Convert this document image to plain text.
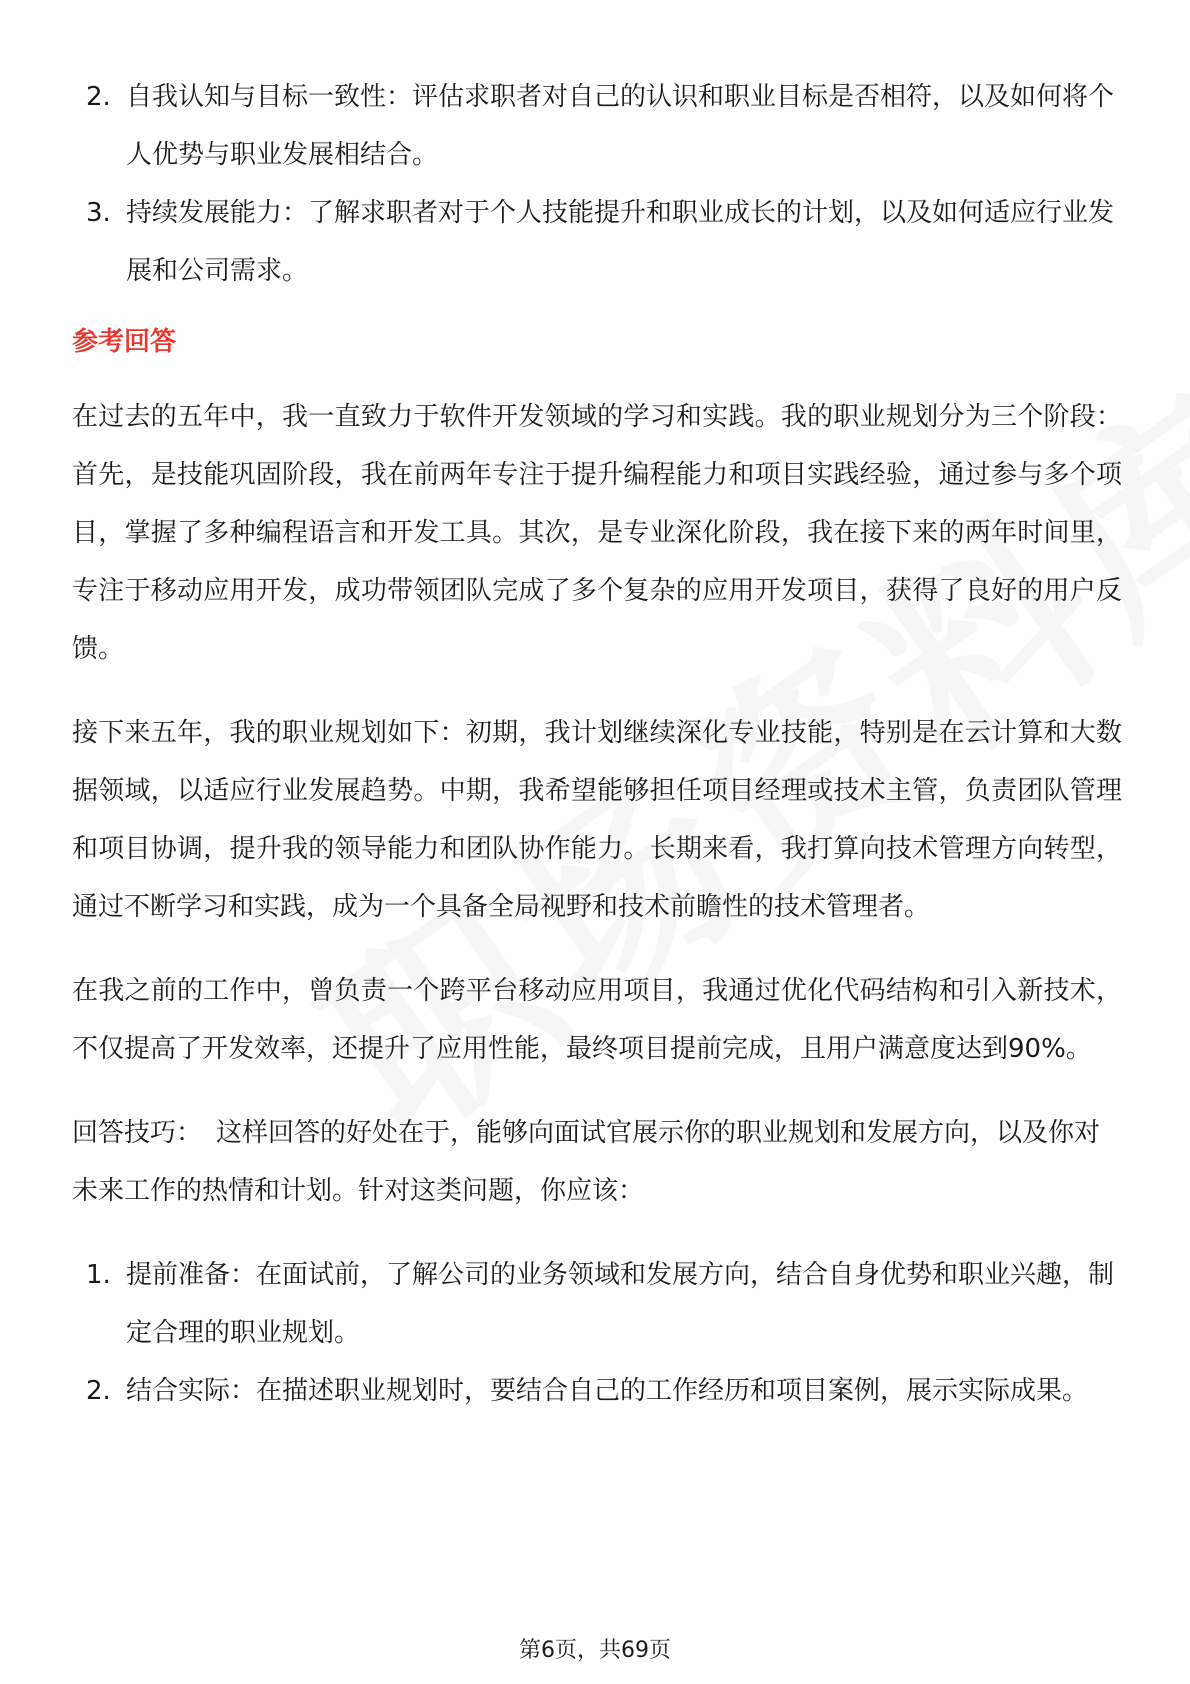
2. 自我认知与目标一致性：评估求职者对自己的认识和职业目标是否相符，以及如何将个人优势与职业发展相结合。
3. 持续发展能力：了解求职者对于个人技能提升和职业成长的计划，以及如何适应行业发展和公司需求。
参考回答

在过去的五年中，我一直致力于软件开发领域的学习和实践。我的职业规划分为三个阶段：首先，是技能巩固阶段，我在前两年专注于提升编程能力和项目实践经验，通过参与多个项目，掌握了多种编程语言和开发工具。其次，是专业深化阶段，我在接下来的两年时间里，专注于移动应用开发，成功带领团队完成了多个复杂的应用开发项目，获得了良好的用户反馈。

接下来五年，我的职业规划如下：初期，我计划继续深化专业技能，特别是在云计算和大数据领域，以适应行业发展趋势。中期，我希望能够担任项目经理或技术主管，负责团队管理和项目协调，提升我的领导能力和团队协作能力。长期来看，我打算向技术管理方向转型，通过不断学习和实践，成为一个具备全局视野和技术前瞻性的技术管理者。

在我之前的工作中，曾负责一个跨平台移动应用项目，我通过优化代码结构和引入新技术，不仅提高了开发效率，还提升了应用性能，最终项目提前完成，且用户满意度达到90%。

回答技巧： 这样回答的好处在于，能够向面试官展示你的职业规划和发展方向，以及你对未来工作的热情和计划。针对这类问题，你应该：

1. 提前准备：在面试前，了解公司的业务领域和发展方向，结合自身优势和职业兴趣，制定合理的职业规划。
2. 结合实际：在描述职业规划时，要结合自己的工作经历和项目案例，展示实际成果。
第6页，共69页
